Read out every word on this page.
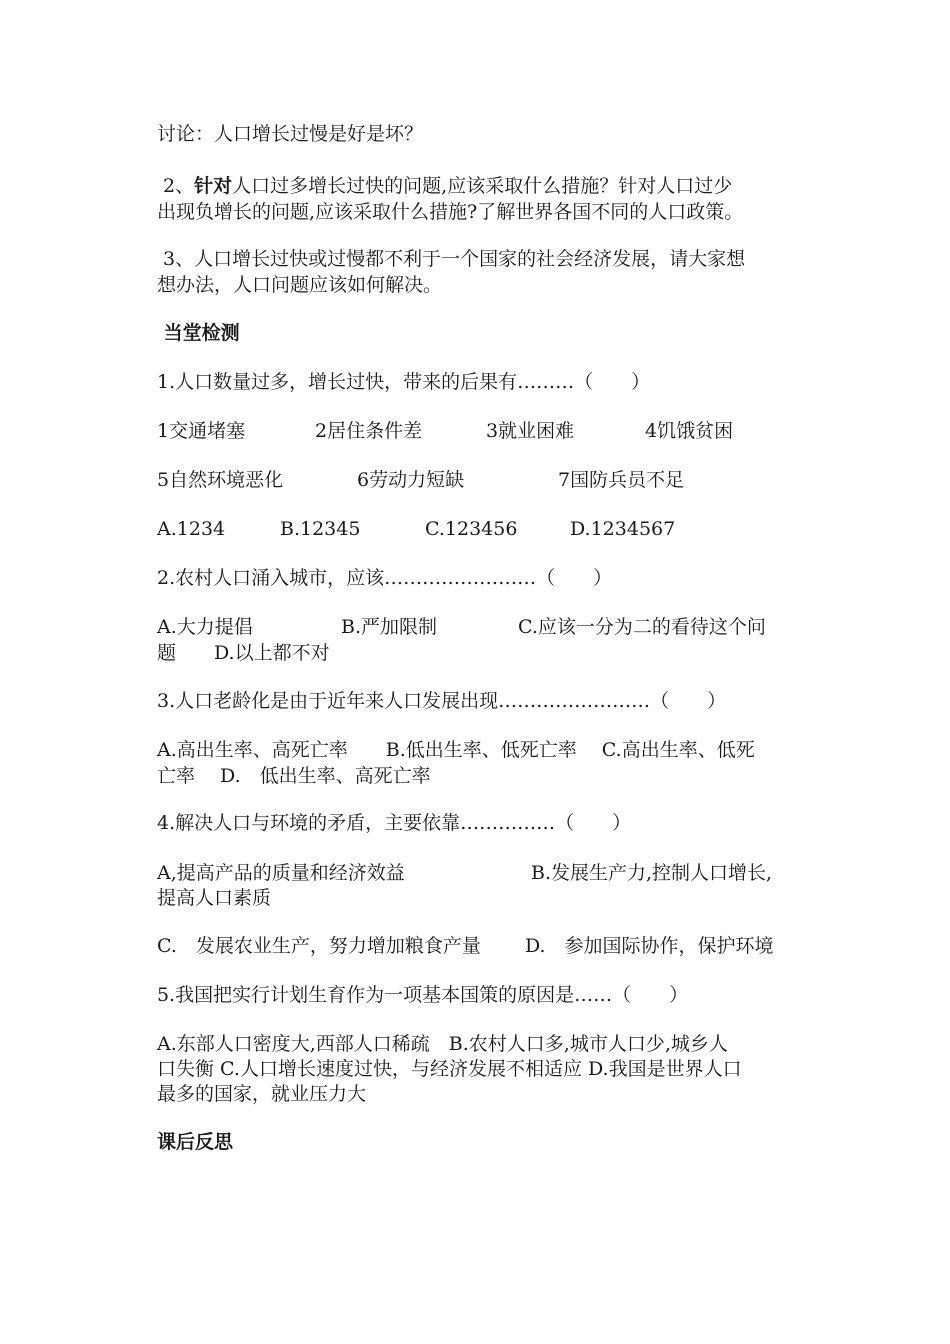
讨论：人口增长过慢是好是坏？

2、针对人口过多增长过快的问题,应该采取什么措施？针对人口过少

出现负增长的问题,应该采取什么措施?了解世界各国不同的人口政策。

3、人口增长过快或过慢都不利于一个国家的社会经济发展，请大家想

想办法，人口问题应该如何解决。

当堂检测

1.人口数量过多，增长过快，带来的后果有………（　　）

1交通堵塞

	2居住条件差

	3就业困难

	4饥饿贫困

5自然环境恶化

	6劳动力短缺

	7国防兵员不足

A.1234

	B.12345

	C.123456

	D.1234567

2.农村人口涌入城市，应该……………………（　　）

A.大力提倡

	B.严加限制

	C.应该一分为二的看待这个问

题　　D.以上都不对

3.人口老龄化是由于近年来人口发展出现……………………（　　）

A.高出生率、高死亡率　　B.低出生率、低死亡率　 C.高出生率、低死

亡率　 D.　低出生率、高死亡率

4.解决人口与环境的矛盾，主要依靠……………（　　）

A,提高产品的质量和经济效益

	B.发展生产力,控制人口增长,

提高人口素质

C.　发展农业生产，努力增加粮食产量　　 D.　参加国际协作，保护环境

5.我国把实行计划生育作为一项基本国策的原因是……（　　）

A.东部人口密度大,西部人口稀疏　B.农村人口多,城市人口少,城乡人

口失衡 C.人口增长速度过快，与经济发展不相适应 D.我国是世界人口

最多的国家，就业压力大

课后反思
